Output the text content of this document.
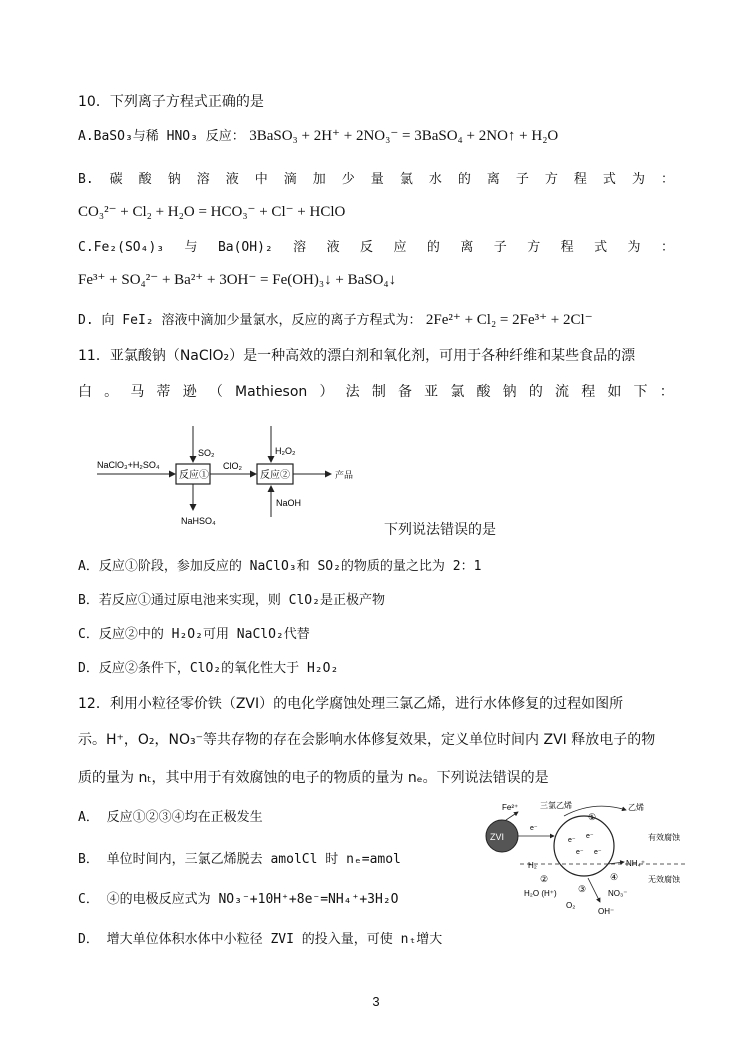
10．下列离子方程式正确的是
A.BaSO₃与稀 HNO₃ 反应： 3BaSO₃ + 2H⁺ + 2NO₃⁻ = 3BaSO₄ + 2NO↑ + H₂O
B. 碳 酸 钠 溶 液 中 滴 加 少 量 氯 水 的 离 子 方 程 式 为 ：
CO₃²⁻ + Cl₂ + H₂O = HCO₃⁻ + Cl⁻ + HClO
C.Fe₂(SO₄)₃ 与 Ba(OH)₂ 溶 液 反 应 的 离 子 方 程 式 为 ：
Fe³⁺ + SO₄²⁻ + Ba²⁺ + 3OH⁻ = Fe(OH)₃↓ + BaSO₄↓
D. 向 FeI₂ 溶液中滴加少量氯水，反应的离子方程式为： 2Fe²⁺ + Cl₂ = 2Fe³⁺ + 2Cl⁻
11．亚氯酸钠（NaClO₂）是一种高效的漂白剂和氧化剂，可用于各种纤维和某些食品的漂
白 。 马 蒂 逊 （ Mathieson ） 法 制 备 亚 氯 酸 钠 的 流 程 如 下 ：
NaClO₃+H₂SO₄
反应①
SO₂
NaHSO₄
ClO₂
反应②
H₂O₂
NaOH
产品
下列说法错误的是
A．反应①阶段，参加反应的 NaClO₃和 SO₂的物质的量之比为 2：1
B．若反应①通过原电池来实现，则 ClO₂是正极产物
C．反应②中的 H₂O₂可用 NaClO₂代替
D．反应②条件下，ClO₂的氧化性大于 H₂O₂
12．利用小粒径零价铁（ZVI）的电化学腐蚀处理三氯乙烯，进行水体修复的过程如图所
示。H⁺，O₂，NO₃⁻等共存物的存在会影响水体修复效果，定义单位时间内 ZVI 释放电子的物
质的量为 nₜ，其中用于有效腐蚀的电子的物质的量为 nₑ。下列说法错误的是
A． 反应①②③④均在正极发生
B． 单位时间内，三氯乙烯脱去 amolCl 时 nₑ=amol
C． ④的电极反应式为 NO₃⁻+10H⁺+8e⁻=NH₄⁺+3H₂O
D． 增大单位体积水体中小粒径 ZVI 的投入量，可使 nₜ增大
ZVI
Fe²⁺
e⁻
e⁻
e⁻
e⁻ e⁻
三氯乙烯	乙烯
①
有效腐蚀
无效腐蚀
H₂
②
H₂O (H⁺) ③
O₂
OH⁻
NH₄⁺
④
NO₃⁻
3
